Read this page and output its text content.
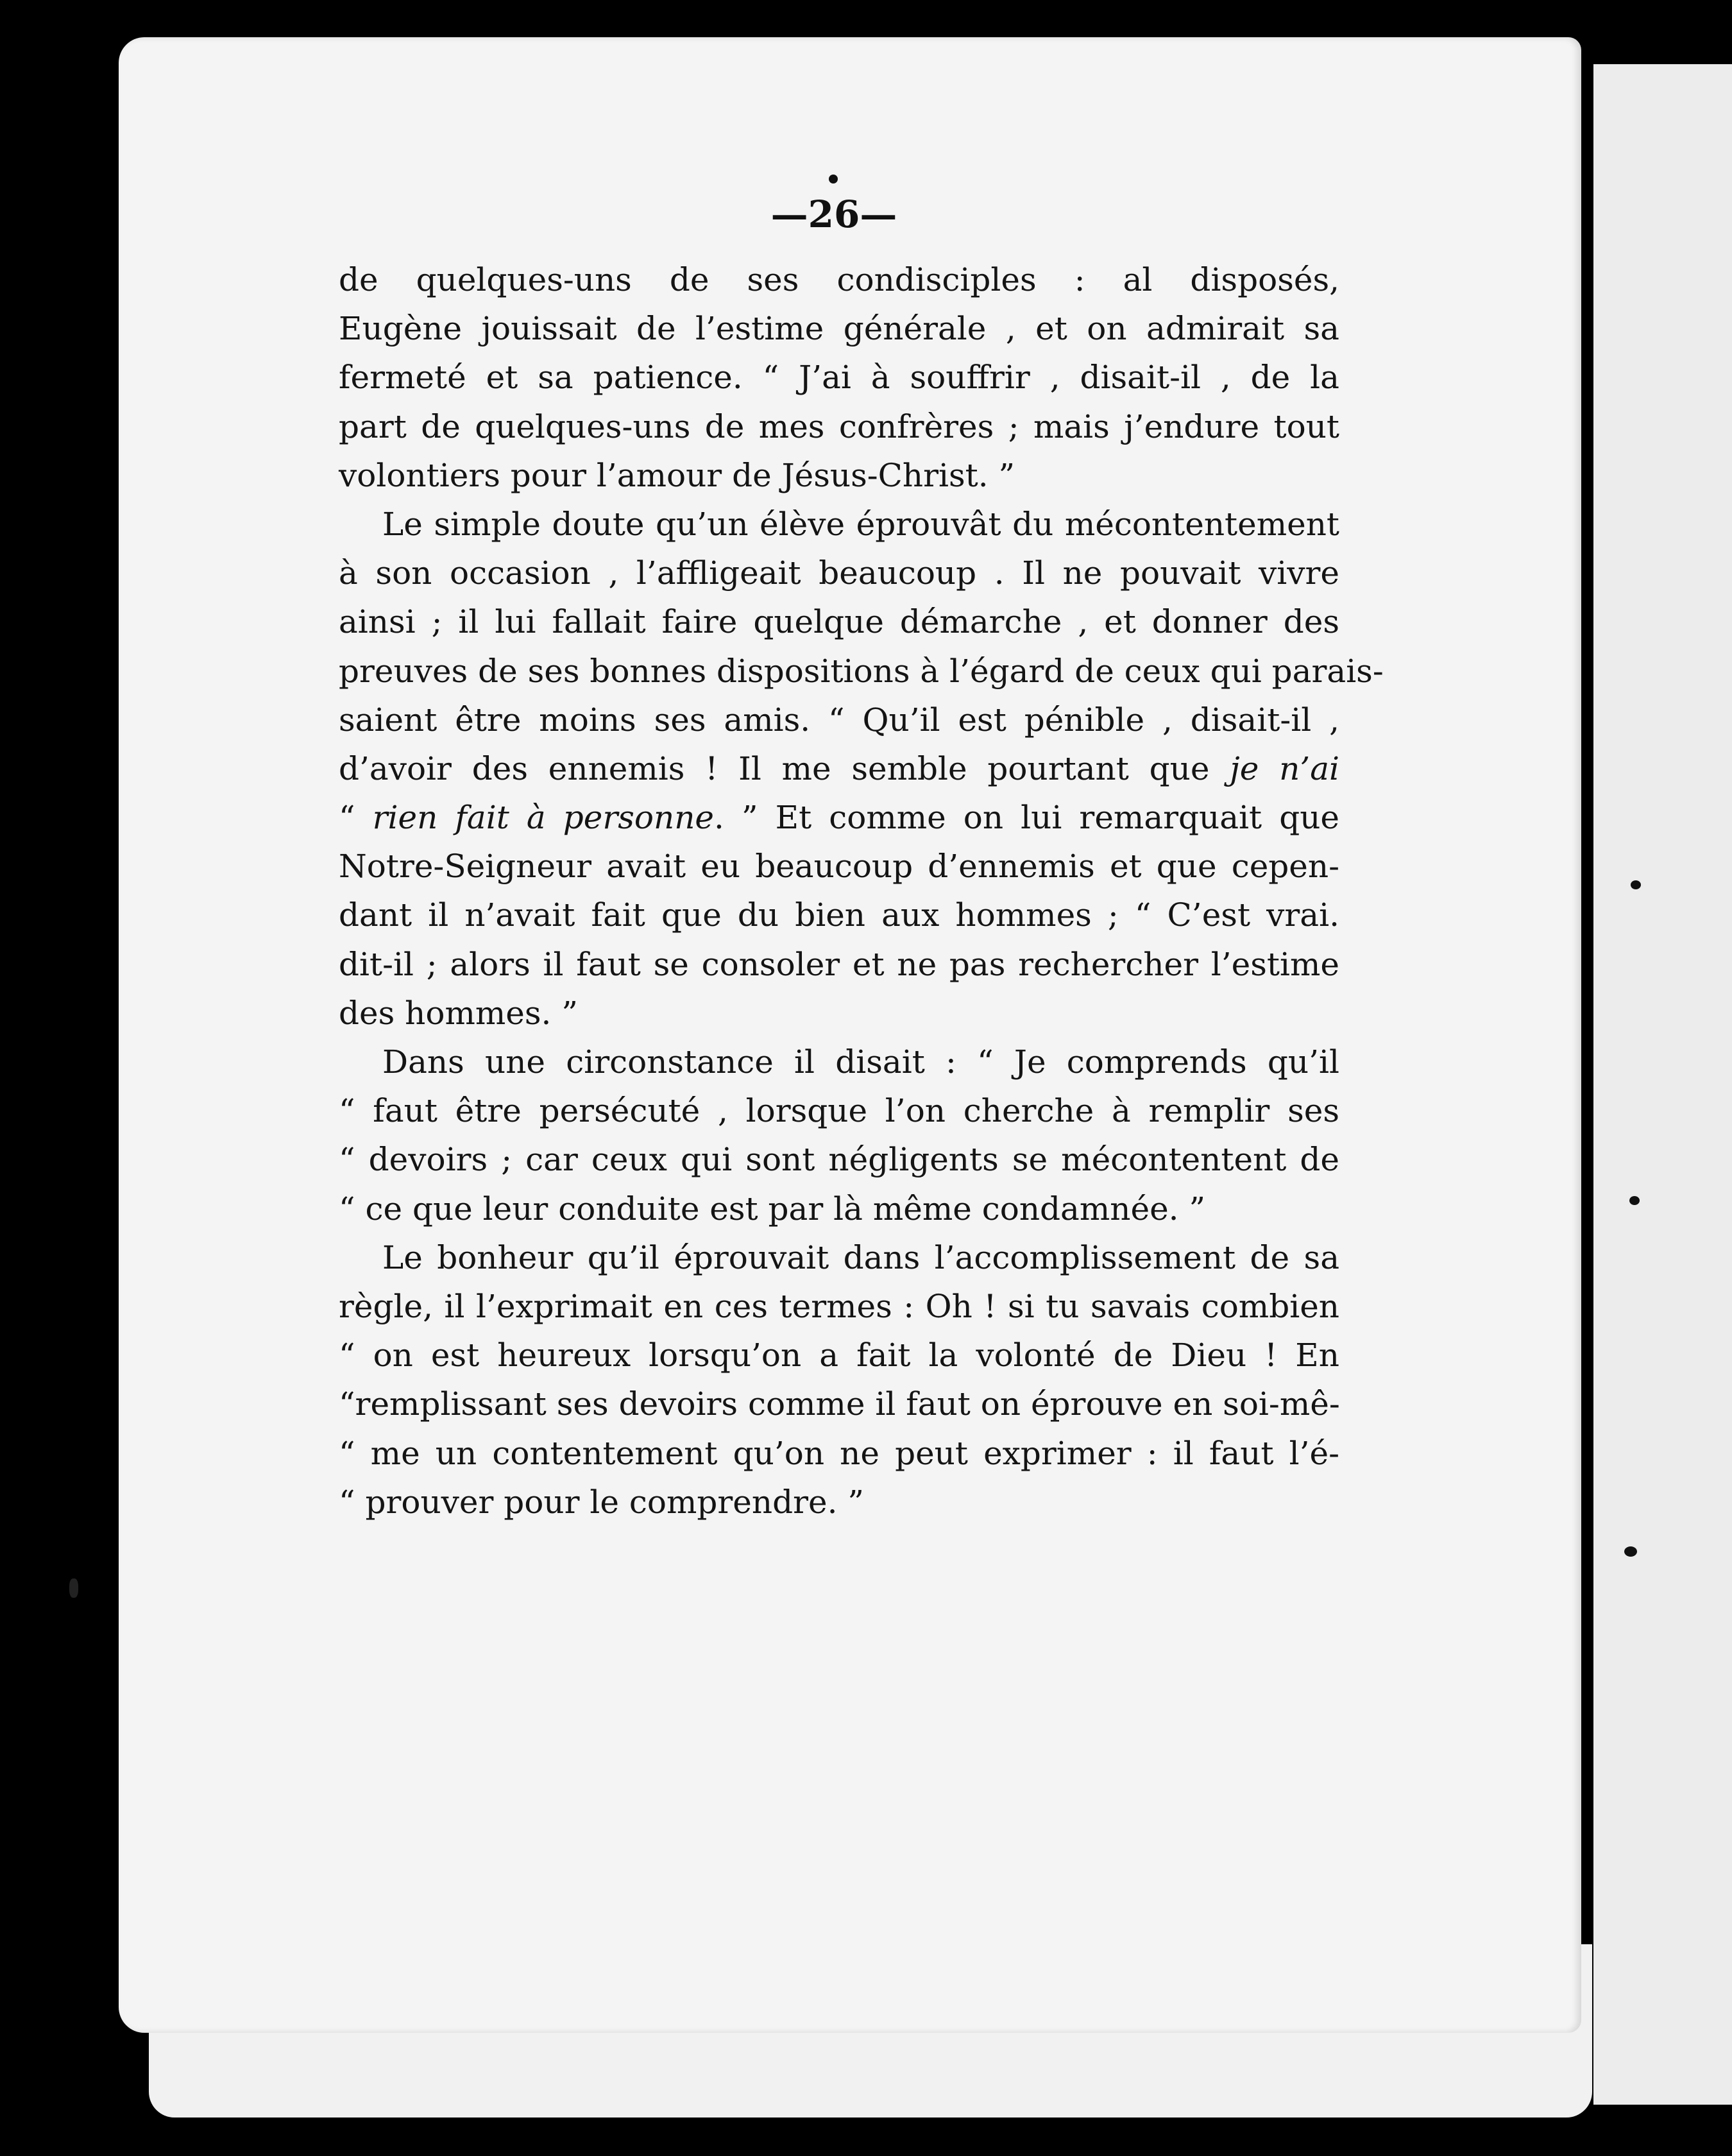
—26—
de quelques-uns de ses condisciples : al disposés,
Eugène jouissait de l’estime générale , et on admirait sa
fermeté et sa patience. “ J’ai à souffrir , disait-il , de la
part de quelques-uns de mes confrères ; mais j’endure tout
volontiers pour l’amour de Jésus-Christ. ”
Le simple doute qu’un élève éprouvât du mécontentement
à son occasion , l’affligeait beaucoup . Il ne pouvait vivre
ainsi ; il lui fallait faire quelque démarche , et donner des
preuves de ses bonnes dispositions à l’égard de ceux qui parais-
saient être moins ses amis. “ Qu’il est pénible , disait-il ,
d’avoir des ennemis ! Il me semble pourtant que je n’ai
“ rien fait à personne. ” Et comme on lui remarquait que
Notre-Seigneur avait eu beaucoup d’ennemis et que cepen-
dant il n’avait fait que du bien aux hommes ; “ C’est vrai.
dit-il ; alors il faut se consoler et ne pas rechercher l’estime
des hommes. ”
Dans une circonstance il disait : “ Je comprends qu’il
“ faut être persécuté , lorsque l’on cherche à remplir ses
“ devoirs ; car ceux qui sont négligents se mécontentent de
“ ce que leur conduite est par là même condamnée. ”
Le bonheur qu’il éprouvait dans l’accomplissement de sa
règle, il l’exprimait en ces termes : Oh ! si tu savais combien
“ on est heureux lorsqu’on a fait la volonté de Dieu ! En
“remplissant ses devoirs comme il faut on éprouve en soi-mê-
“ me un contentement qu’on ne peut exprimer : il faut l’é-
“ prouver pour le comprendre. ”
